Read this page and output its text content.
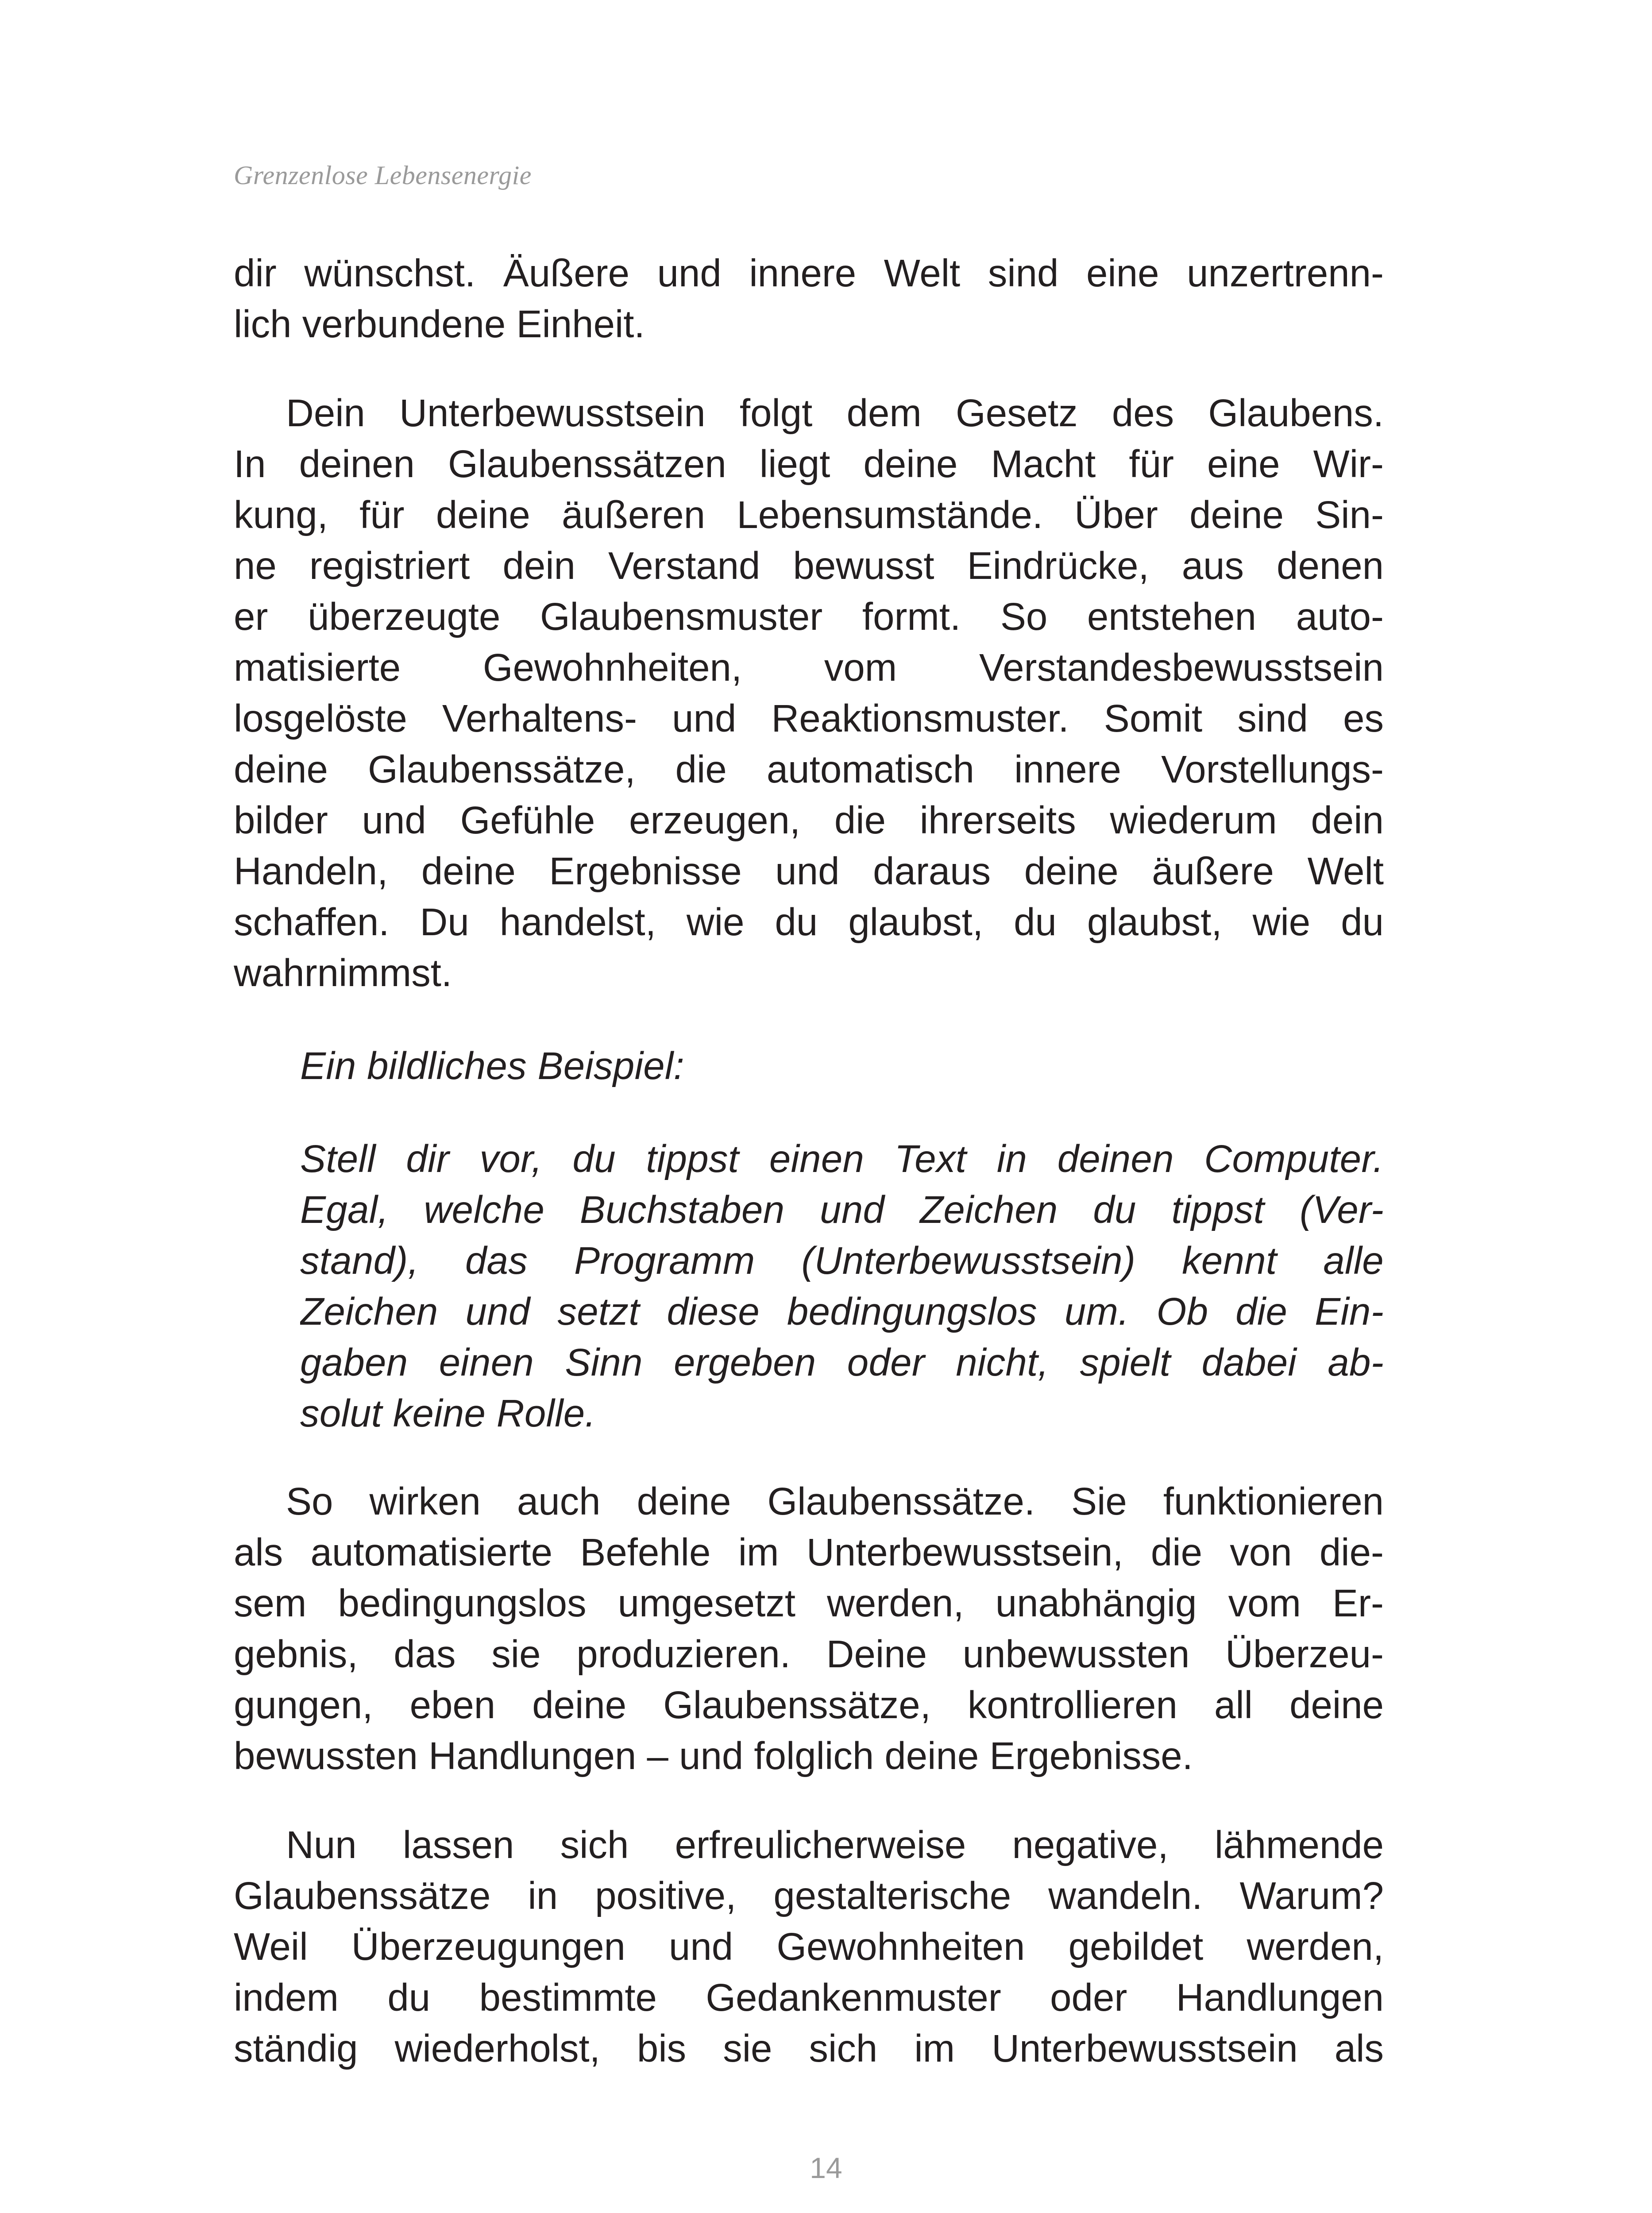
Grenzenlose Lebensenergie
dir wünschst. Äußere und innere Welt sind eine unzertrenn-
lich verbundene Einheit.
Dein Unterbewusstsein folgt dem Gesetz des Glaubens.
In deinen Glaubenssätzen liegt deine Macht für eine Wir-
kung, für deine äußeren Lebensumstände. Über deine Sin-
ne registriert dein Verstand bewusst Eindrücke, aus denen
er überzeugte Glaubensmuster formt. So entstehen auto-
matisierte Gewohnheiten, vom Verstandesbewusstsein
losgelöste Verhaltens- und Reaktionsmuster. Somit sind es
deine Glaubenssätze, die automatisch innere Vorstellungs-
bilder und Gefühle erzeugen, die ihrerseits wiederum dein
Handeln, deine Ergebnisse und daraus deine äußere Welt
schaffen. Du handelst, wie du glaubst, du glaubst, wie du
wahrnimmst.
Ein bildliches Beispiel:
Stell dir vor, du tippst einen Text in deinen Computer.
Egal, welche Buchstaben und Zeichen du tippst (Ver-
stand), das Programm (Unterbewusstsein) kennt alle
Zeichen und setzt diese bedingungslos um. Ob die Ein-
gaben einen Sinn ergeben oder nicht, spielt dabei ab-
solut keine Rolle.
So wirken auch deine Glaubenssätze. Sie funktionieren
als automatisierte Befehle im Unterbewusstsein, die von die-
sem bedingungslos umgesetzt werden, unabhängig vom Er-
gebnis, das sie produzieren. Deine unbewussten Überzeu-
gungen, eben deine Glaubenssätze, kontrollieren all deine
bewussten Handlungen – und folglich deine Ergebnisse.
Nun lassen sich erfreulicherweise negative, lähmende
Glaubenssätze in positive, gestalterische wandeln. Warum?
Weil Überzeugungen und Gewohnheiten gebildet werden,
indem du bestimmte Gedankenmuster oder Handlungen
ständig wiederholst, bis sie sich im Unterbewusstsein als
14
